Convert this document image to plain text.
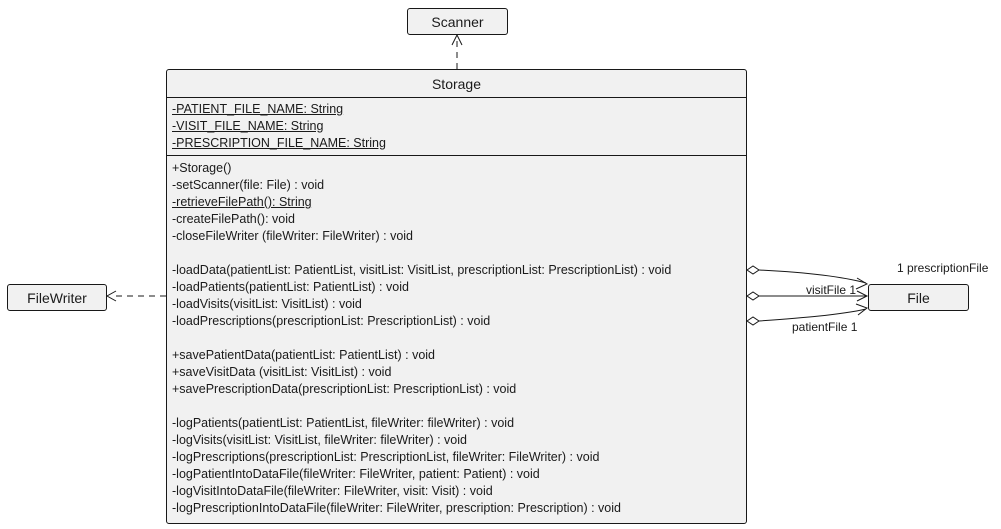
Scanner
FileWriter	File
Storage
-PATIENT_FILE_NAME: String
-VISIT_FILE_NAME: String
-PRESCRIPTION_FILE_NAME: String
+Storage()
-setScanner(file: File) : void
-retrieveFilePath(): String
-createFilePath(): void
-closeFileWriter (fileWriter: FileWriter) : void
-loadData(patientList: PatientList, visitList: VisitList, prescriptionList: PrescriptionList) : void
-loadPatients(patientList: PatientList) : void
-loadVisits(visitList: VisitList) : void
-loadPrescriptions(prescriptionList: PrescriptionList) : void
+savePatientData(patientList: PatientList) : void
+saveVisitData (visitList: VisitList) : void
+savePrescriptionData(prescriptionList: PrescriptionList) : void
-logPatients(patientList: PatientList, fileWriter: fileWriter) : void
-logVisits(visitList: VisitList, fileWriter: fileWriter) : void
-logPrescriptions(prescriptionList: PrescriptionList, fileWriter: FileWriter) : void
-logPatientIntoDataFile(fileWriter: FileWriter, patient: Patient) : void
-logVisitIntoDataFile(fileWriter: FileWriter, visit: Visit) : void
-logPrescriptionIntoDataFile(fileWriter: FileWriter, prescription: Prescription) : void
1 prescriptionFile
visitFile 1
patientFile 1
